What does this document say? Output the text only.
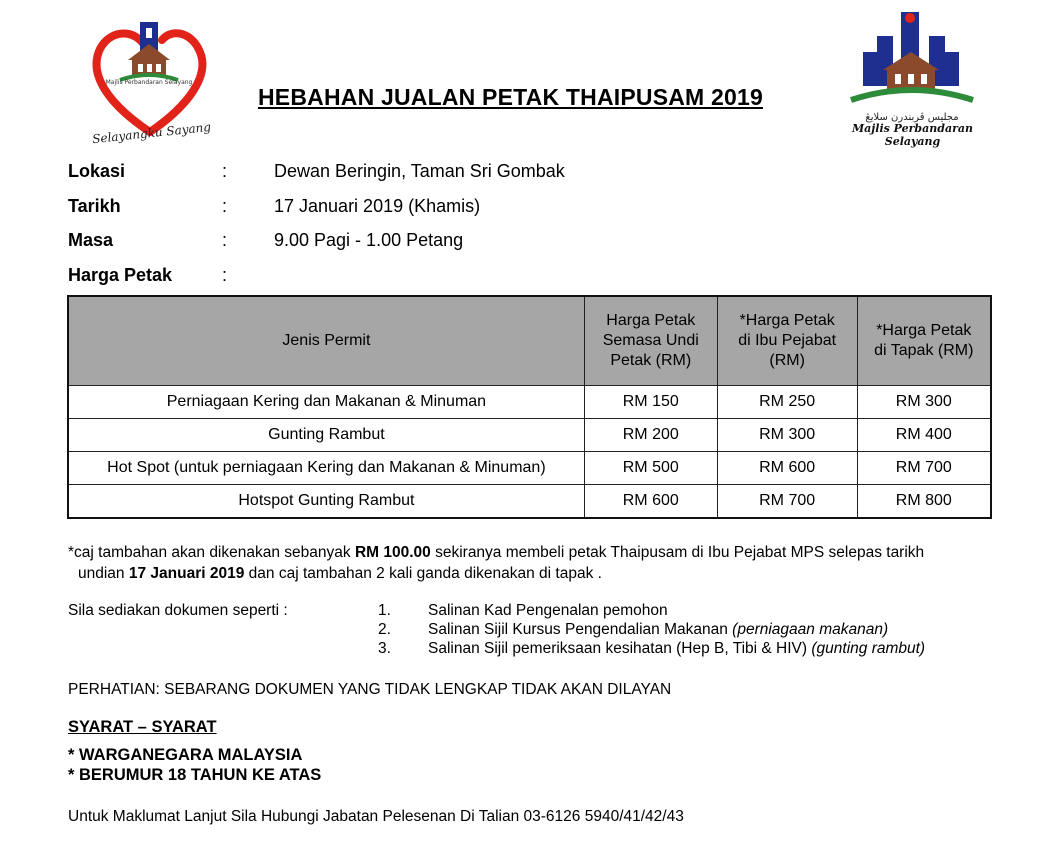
Majlis Perbandaran Selayang
Selayangku Sayang
HEBAHAN JUALAN PETAK THAIPUSAM 2019
مجليس ڤربندرن سلايڠ
Majlis Perbandaran Selayang
Lokasi	:	Dewan Beringin, Taman Sri Gombak
Tarikh	:	17 Januari 2019 (Khamis)
Masa	:	9.00 Pagi - 1.00 Petang
Harga Petak	:
Jenis Permit	Harga Petak Semasa Undi Petak (RM)	*Harga Petak di Ibu Pejabat (RM)	*Harga Petak di Tapak (RM)

Perniagaan Kering dan Makanan & Minuman	RM 150	RM 250	RM 300
Gunting Rambut	RM 200	RM 300	RM 400
Hot Spot (untuk perniagaan Kering dan Makanan & Minuman)	RM 500	RM 600	RM 700
Hotspot Gunting Rambut	RM 600	RM 700	RM 800
*caj tambahan akan dikenakan sebanyak RM 100.00 sekiranya membeli petak Thaipusam di Ibu Pejabat MPS selepas tarikh
undian 17 Januari 2019 dan caj tambahan 2 kali ganda dikenakan di tapak .
Sila sediakan dokumen seperti :	1. Salinan Kad Pengenalan pemohon
2. Salinan Sijil Kursus Pengendalian Makanan (perniagaan makanan)
3. Salinan Sijil pemeriksaan kesihatan (Hep B, Tibi & HIV) (gunting rambut)
PERHATIAN: SEBARANG DOKUMEN YANG TIDAK LENGKAP TIDAK AKAN DILAYAN
SYARAT – SYARAT
* WARGANEGARA MALAYSIA
* BERUMUR 18 TAHUN KE ATAS
Untuk Maklumat Lanjut Sila Hubungi Jabatan Pelesenan Di Talian 03-6126 5940/41/42/43
